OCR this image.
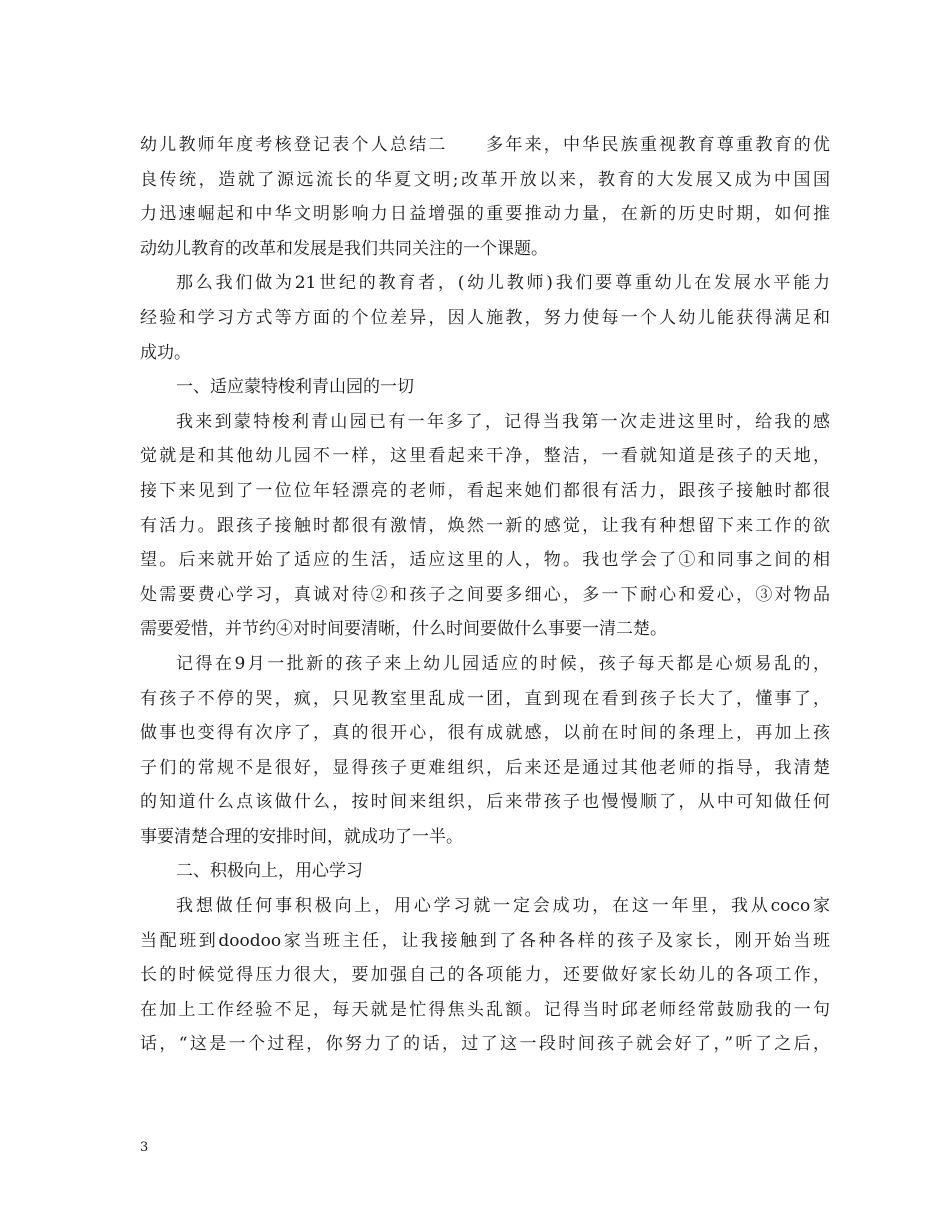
幼儿教师年度考核登记表个人总结二　　多年来，中华民族重视教育尊重教育的优
良传统，造就了源远流长的华夏文明;改革开放以来，教育的大发展又成为中国国
力迅速崛起和中华文明影响力日益增强的重要推动力量，在新的历史时期，如何推
动幼儿教育的改革和发展是我们共同关注的一个课题。
那么我们做为21世纪的教育者，(幼儿教师)我们要尊重幼儿在发展水平能力
经验和学习方式等方面的个位差异，因人施教，努力使每一个人幼儿能获得满足和
成功。
一、适应蒙特梭利青山园的一切
我来到蒙特梭利青山园已有一年多了，记得当我第一次走进这里时，给我的感
觉就是和其他幼儿园不一样，这里看起来干净，整洁，一看就知道是孩子的天地，
接下来见到了一位位年轻漂亮的老师，看起来她们都很有活力，跟孩子接触时都很
有活力。跟孩子接触时都很有激情，焕然一新的感觉，让我有种想留下来工作的欲
望。后来就开始了适应的生活，适应这里的人，物。我也学会了①和同事之间的相
处需要费心学习，真诚对待②和孩子之间要多细心，多一下耐心和爱心，③对物品
需要爱惜，并节约④对时间要清晰，什么时间要做什么事要一清二楚。
记得在9月一批新的孩子来上幼儿园适应的时候，孩子每天都是心烦易乱的，
有孩子不停的哭，疯，只见教室里乱成一团，直到现在看到孩子长大了，懂事了，
做事也变得有次序了，真的很开心，很有成就感，以前在时间的条理上，再加上孩
子们的常规不是很好，显得孩子更难组织，后来还是通过其他老师的指导，我清楚
的知道什么点该做什么，按时间来组织，后来带孩子也慢慢顺了，从中可知做任何
事要清楚合理的安排时间，就成功了一半。
二、积极向上，用心学习
我想做任何事积极向上，用心学习就一定会成功，在这一年里，我从coco家
当配班到doodoo家当班主任，让我接触到了各种各样的孩子及家长，刚开始当班
长的时候觉得压力很大，要加强自己的各项能力，还要做好家长幼儿的各项工作，
在加上工作经验不足，每天就是忙得焦头乱额。记得当时邱老师经常鼓励我的一句
话，“这是一个过程，你努力了的话，过了这一段时间孩子就会好了，”听了之后，
3
